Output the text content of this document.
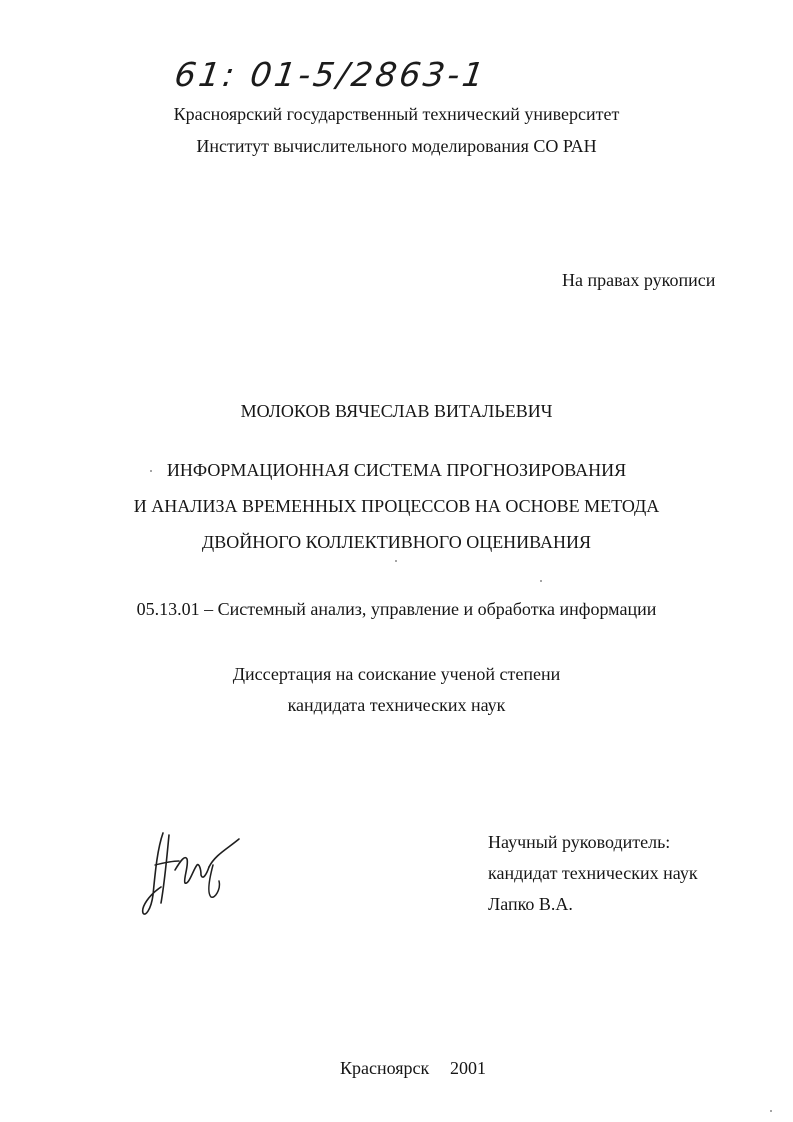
61: 01-5/2863-1
Красноярский государственный технический университет
Институт вычислительного моделирования СО РАН
На правах рукописи
МОЛОКОВ ВЯЧЕСЛАВ ВИТАЛЬЕВИЧ
ИНФОРМАЦИОННАЯ СИСТЕМА ПРОГНОЗИРОВАНИЯ
И АНАЛИЗА ВРЕМЕННЫХ ПРОЦЕССОВ НА ОСНОВЕ МЕТОДА
ДВОЙНОГО КОЛЛЕКТИВНОГО ОЦЕНИВАНИЯ
05.13.01 – Системный анализ, управление и обработка информации
Диссертация на соискание ученой степени
кандидата технических наук
Научный руководитель:
кандидат технических наук
Лапко В.А.
Красноярск 2001
